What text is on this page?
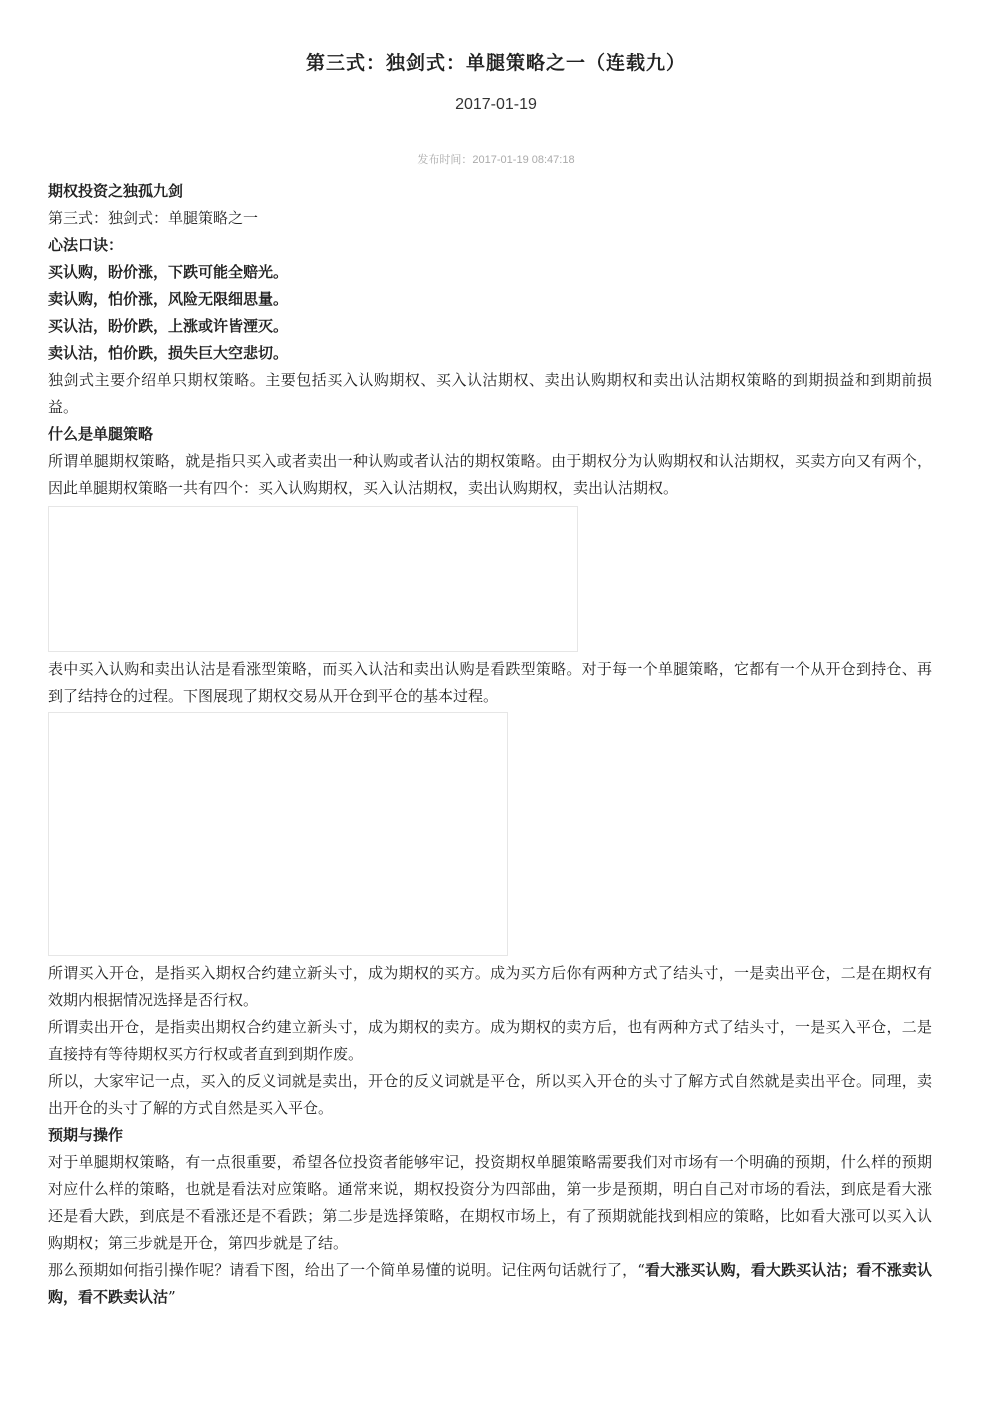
第三式：独剑式：单腿策略之一（连载九）
2017-01-19
发布时间：2017-01-19 08:47:18

期权投资之独孤九剑

第三式：独剑式：单腿策略之一

心法口诀：

买认购，盼价涨，下跌可能全赔光。

卖认购，怕价涨，风险无限细思量。

买认沽，盼价跌，上涨或许皆湮灭。

卖认沽，怕价跌，损失巨大空悲切。

独剑式主要介绍单只期权策略。主要包括买入认购期权、买入认沽期权、卖出认购期权和卖出认沽期权策略的到期损益和到期前损益。

什么是单腿策略

所谓单腿期权策略，就是指只买入或者卖出一种认购或者认沽的期权策略。由于期权分为认购期权和认沽期权，买卖方向又有两个，因此单腿期权策略一共有四个：买入认购期权，买入认沽期权，卖出认购期权，卖出认沽期权。

表中买入认购和卖出认沽是看涨型策略，而买入认沽和卖出认购是看跌型策略。对于每一个单腿策略，它都有一个从开仓到持仓、再到了结持仓的过程。下图展现了期权交易从开仓到平仓的基本过程。

所谓买入开仓，是指买入期权合约建立新头寸，成为期权的买方。成为买方后你有两种方式了结头寸，一是卖出平仓，二是在期权有效期内根据情况选择是否行权。

所谓卖出开仓，是指卖出期权合约建立新头寸，成为期权的卖方。成为期权的卖方后，也有两种方式了结头寸，一是买入平仓，二是直接持有等待期权买方行权或者直到到期作废。

所以，大家牢记一点，买入的反义词就是卖出，开仓的反义词就是平仓，所以买入开仓的头寸了解方式自然就是卖出平仓。同理，卖出开仓的头寸了解的方式自然是买入平仓。

预期与操作

对于单腿期权策略，有一点很重要，希望各位投资者能够牢记，投资期权单腿策略需要我们对市场有一个明确的预期，什么样的预期对应什么样的策略，也就是看法对应策略。通常来说，期权投资分为四部曲，第一步是预期，明白自己对市场的看法，到底是看大涨还是看大跌，到底是不看涨还是不看跌；第二步是选择策略，在期权市场上，有了预期就能找到相应的策略，比如看大涨可以买入认购期权；第三步就是开仓，第四步就是了结。

那么预期如何指引操作呢？请看下图，给出了一个简单易懂的说明。记住两句话就行了，“看大涨买认购，看大跌买认沽；看不涨卖认购，看不跌卖认沽”
